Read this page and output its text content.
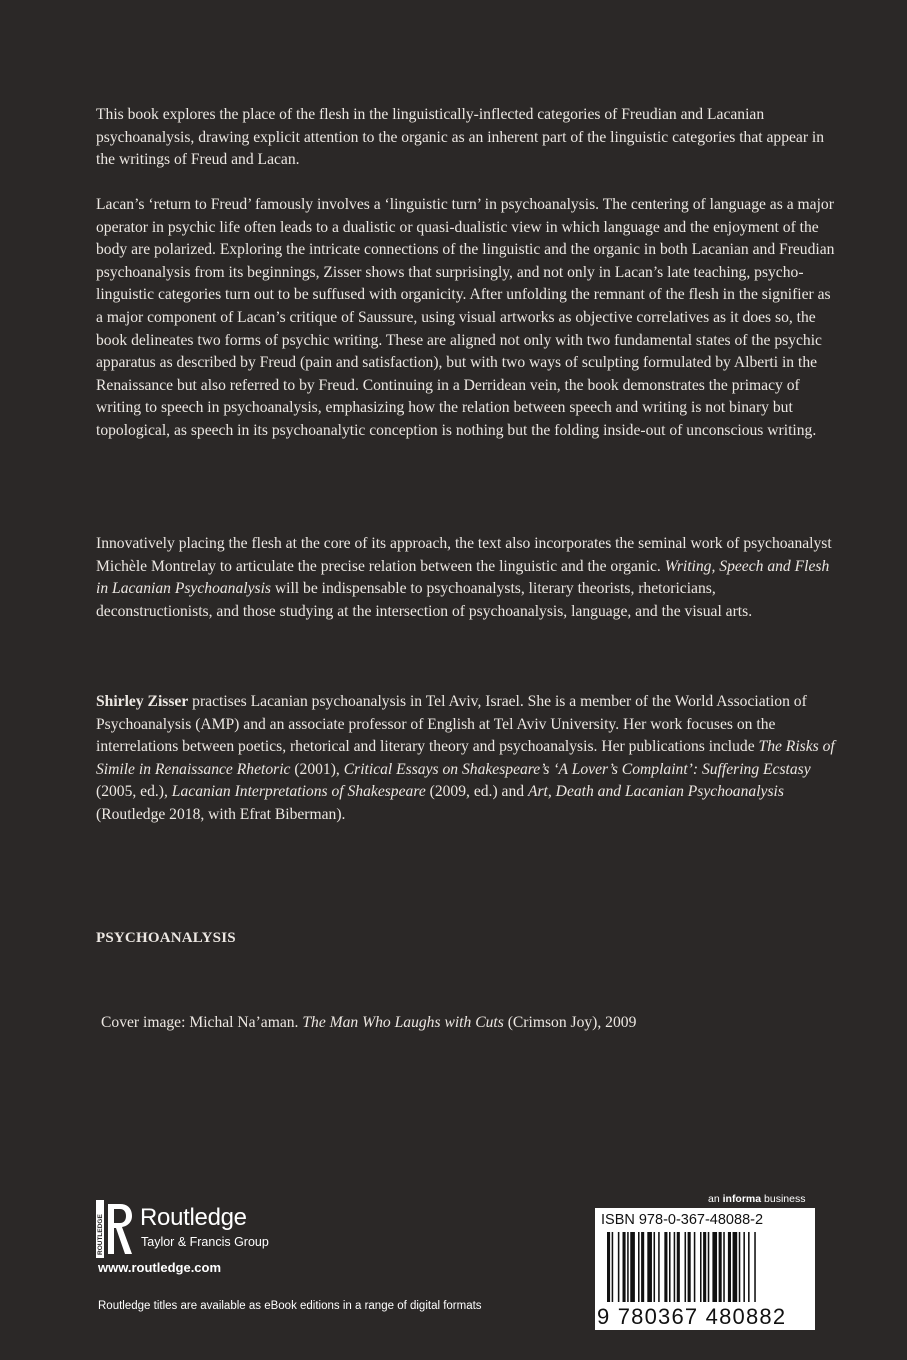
This book explores the place of the flesh in the linguistically-inflected categories of Freudian and Lacanian psychoanalysis, drawing explicit attention to the organic as an inherent part of the linguistic categories that appear in the writings of Freud and Lacan.

Lacan’s ‘return to Freud’ famously involves a ‘linguistic turn’ in psychoanalysis. The centering of language as a major operator in psychic life often leads to a dualistic or quasi-dualistic view in which language and the enjoyment of the body are polarized. Exploring the intricate connections of the linguistic and the organic in both Lacanian and Freudian psychoanalysis from its beginnings, Zisser shows that surprisingly, and not only in Lacan’s late teaching, psycho-linguistic categories turn out to be suffused with organicity. After unfolding the remnant of the flesh in the signifier as a major component of Lacan’s critique of Saussure, using visual artworks as objective correlatives as it does so, the book delineates two forms of psychic writing. These are aligned not only with two fundamental states of the psychic apparatus as described by Freud (pain and satisfaction), but with two ways of sculpting formulated by Alberti in the Renaissance but also referred to by Freud. Continuing in a Derridean vein, the book demonstrates the primacy of writing to speech in psychoanalysis, emphasizing how the relation between speech and writing is not binary but topological, as speech in its psychoanalytic conception is nothing but the folding inside-out of unconscious writing.

Innovatively placing the flesh at the core of its approach, the text also incorporates the seminal work of psychoanalyst Michèle Montrelay to articulate the precise relation between the linguistic and the organic. Writing, Speech and Flesh in Lacanian Psychoanalysis will be indispensable to psychoanalysts, literary theorists, rhetoricians, deconstructionists, and those studying at the intersection of psychoanalysis, language, and the visual arts.

Shirley Zisser practises Lacanian psychoanalysis in Tel Aviv, Israel. She is a member of the World Association of Psychoanalysis (AMP) and an associate professor of English at Tel Aviv University. Her work focuses on the interrelations between poetics, rhetorical and literary theory and psychoanalysis. Her publications include The Risks of Simile in Renaissance Rhetoric (2001), Critical Essays on Shakespeare’s ‘A Lover’s Complaint’: Suffering Ecstasy (2005, ed.), Lacanian Interpretations of Shakespeare (2009, ed.) and Art, Death and Lacanian Psychoanalysis (Routledge 2018, with Efrat Biberman).

PSYCHOANALYSIS
Cover image: Michal Na’aman. The Man Who Laughs with Cuts (Crimson Joy), 2009
ROUTLEDGE Routledge
Taylor & Francis Group
www.routledge.com
Routledge titles are available as eBook editions in a range of digital formats
an informa business
ISBN 978-0-367-48088-2
9 780367 480882
